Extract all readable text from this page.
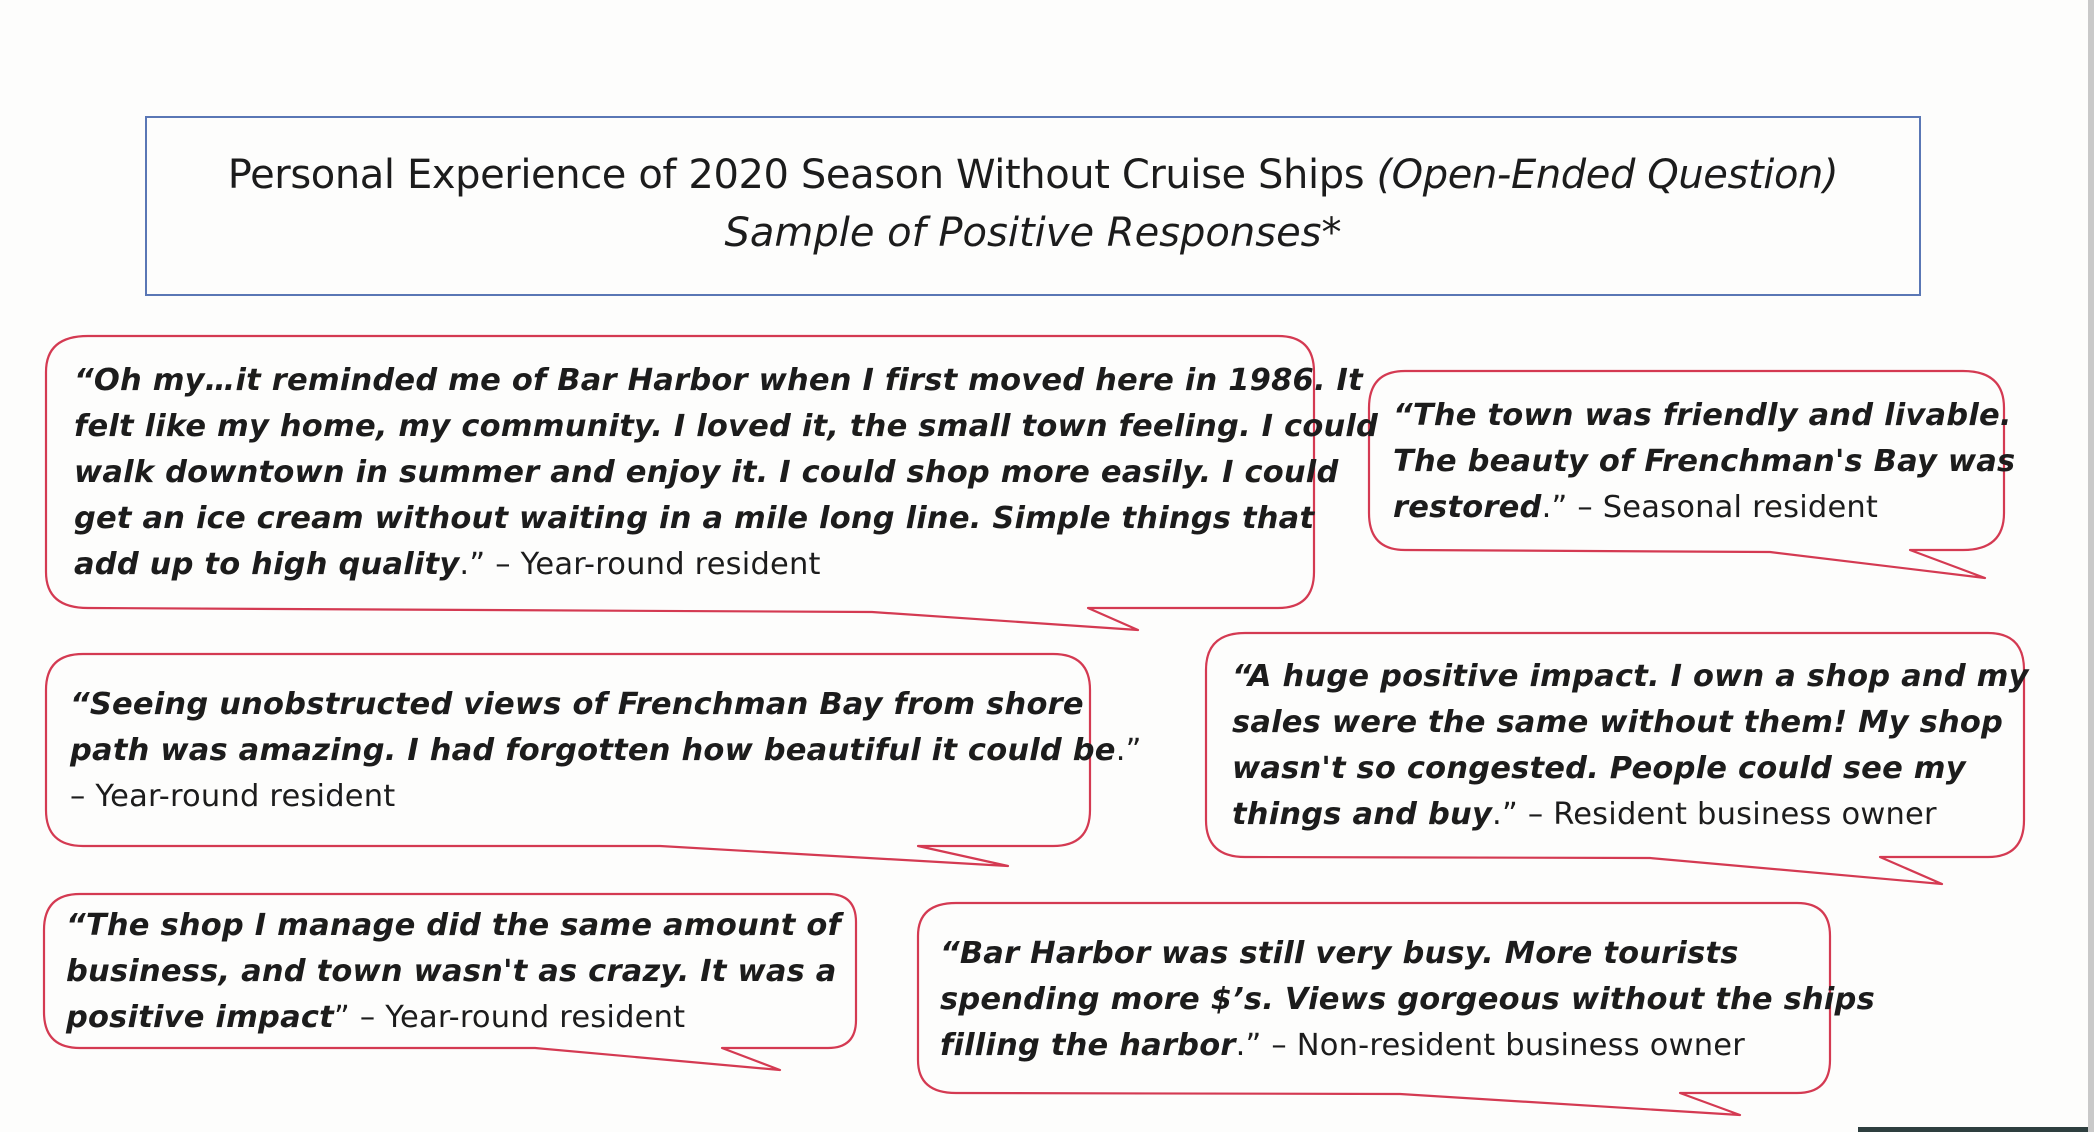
Personal Experience of 2020 Season Without Cruise Ships (Open-Ended Question)
Sample of Positive Responses*
“Oh my…it reminded me of Bar Harbor when I first moved here in 1986. It
felt like my home, my community. I loved it, the small town feeling. I could
walk downtown in summer and enjoy it. I could shop more easily. I could
get an ice cream without waiting in a mile long line. Simple things that
add up to high quality.” – Year-round resident
“The town was friendly and livable.
The beauty of Frenchman's Bay was
restored.” – Seasonal resident
“Seeing unobstructed views of Frenchman Bay from shore
path was amazing. I had forgotten how beautiful it could be.”
– Year-round resident
“A huge positive impact. I own a shop and my
sales were the same without them! My shop
wasn't so congested. People could see my
things and buy.” – Resident business owner
“The shop I manage did the same amount of
business, and town wasn't as crazy. It was a
positive impact” – Year-round resident
“Bar Harbor was still very busy. More tourists
spending more $’s. Views gorgeous without the ships
filling the harbor.” – Non-resident business owner
